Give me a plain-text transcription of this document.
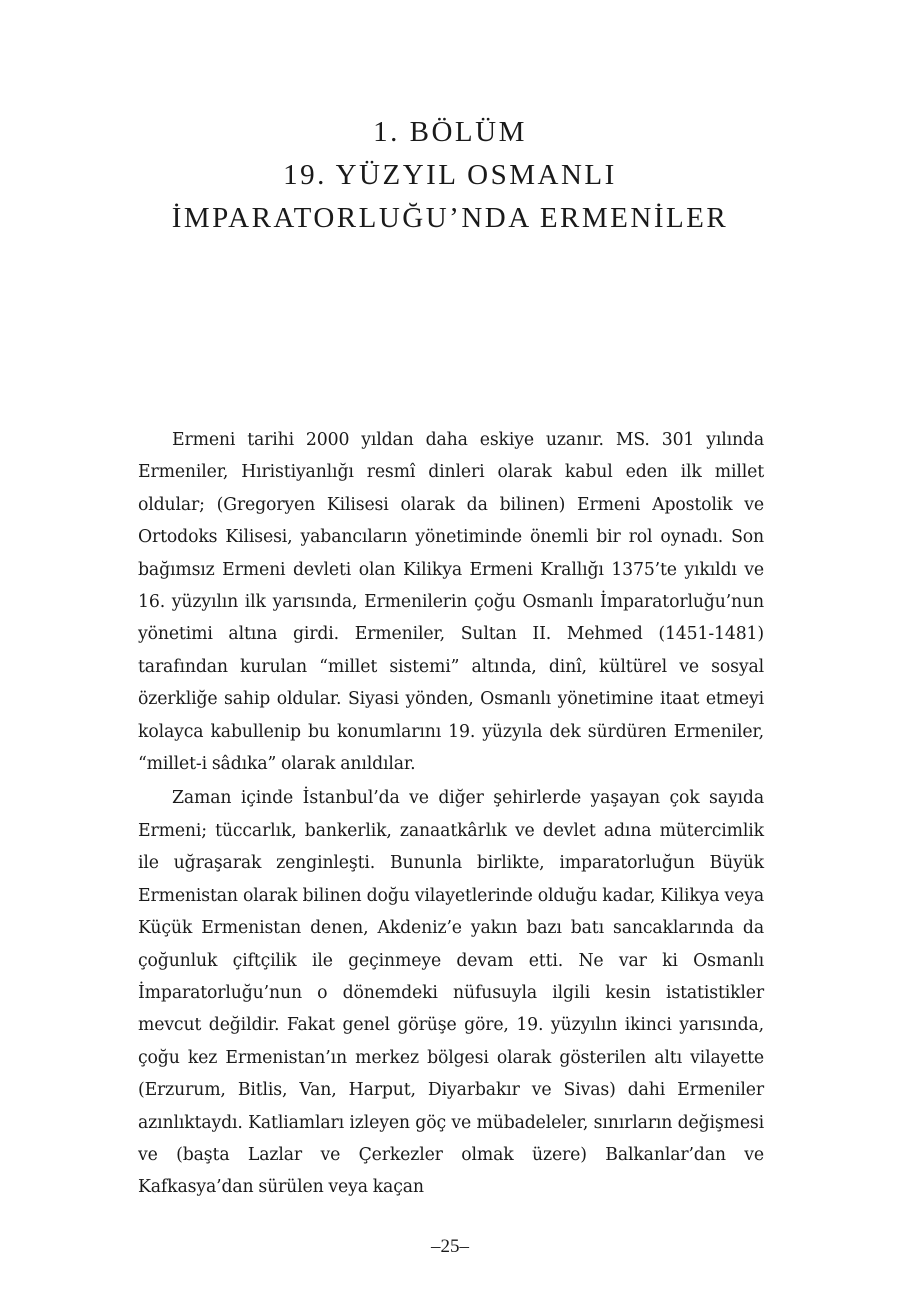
1. BÖLÜM
19. YÜZYIL OSMANLI
İMPARATORLUĞU’NDA ERMENİLER

Ermeni tarihi 2000 yıldan daha eskiye uzanır. MS. 301 yılında Ermeniler, Hıristiyanlığı resmî dinleri olarak kabul eden ilk millet oldular; (Gregoryen Kilisesi olarak da bilinen) Ermeni Apostolik ve Ortodoks Kilisesi, yabancıların yönetiminde önemli bir rol oynadı. Son bağımsız Ermeni devleti olan Kilikya Ermeni Krallığı 1375’te yıkıldı ve 16. yüzyılın ilk yarısında, Ermenilerin çoğu Osmanlı İmparatorluğu’nun yönetimi altına girdi. Ermeniler, Sultan II. Mehmed (1451-1481) tarafından kurulan “millet sistemi” altında, dinî, kültürel ve sosyal özerkliğe sahip oldular. Siyasi yönden, Osmanlı yönetimine itaat etmeyi kolayca kabullenip bu konumlarını 19. yüzyıla dek sürdüren Ermeniler, “millet-i sâdıka” olarak anıldılar.

Zaman içinde İstanbul’da ve diğer şehirlerde yaşayan çok sayıda Ermeni; tüccarlık, bankerlik, zanaatkârlık ve devlet adına mütercimlik ile uğraşarak zenginleşti. Bununla birlikte, imparatorluğun Büyük Ermenistan olarak bilinen doğu vilayetlerinde olduğu kadar, Kilikya veya Küçük Ermenistan denen, Akdeniz’e yakın bazı batı sancaklarında da çoğunluk çiftçilik ile geçinmeye devam etti. Ne var ki Osmanlı İmparatorluğu’nun o dönemdeki nüfusuyla ilgili kesin istatistikler mevcut değildir. Fakat genel görüşe göre, 19. yüzyılın ikinci yarısında, çoğu kez Ermenistan’ın merkez bölgesi olarak gösterilen altı vilayette (Erzurum, Bitlis, Van, Harput, Diyarbakır ve Sivas) dahi Ermeniler azınlıktaydı. Katliamları izleyen göç ve mübadeleler, sınırların değişmesi ve (başta Lazlar ve Çerkezler olmak üzere) Balkanlar’dan ve Kafkasya’dan sürülen veya kaçan

–25–
